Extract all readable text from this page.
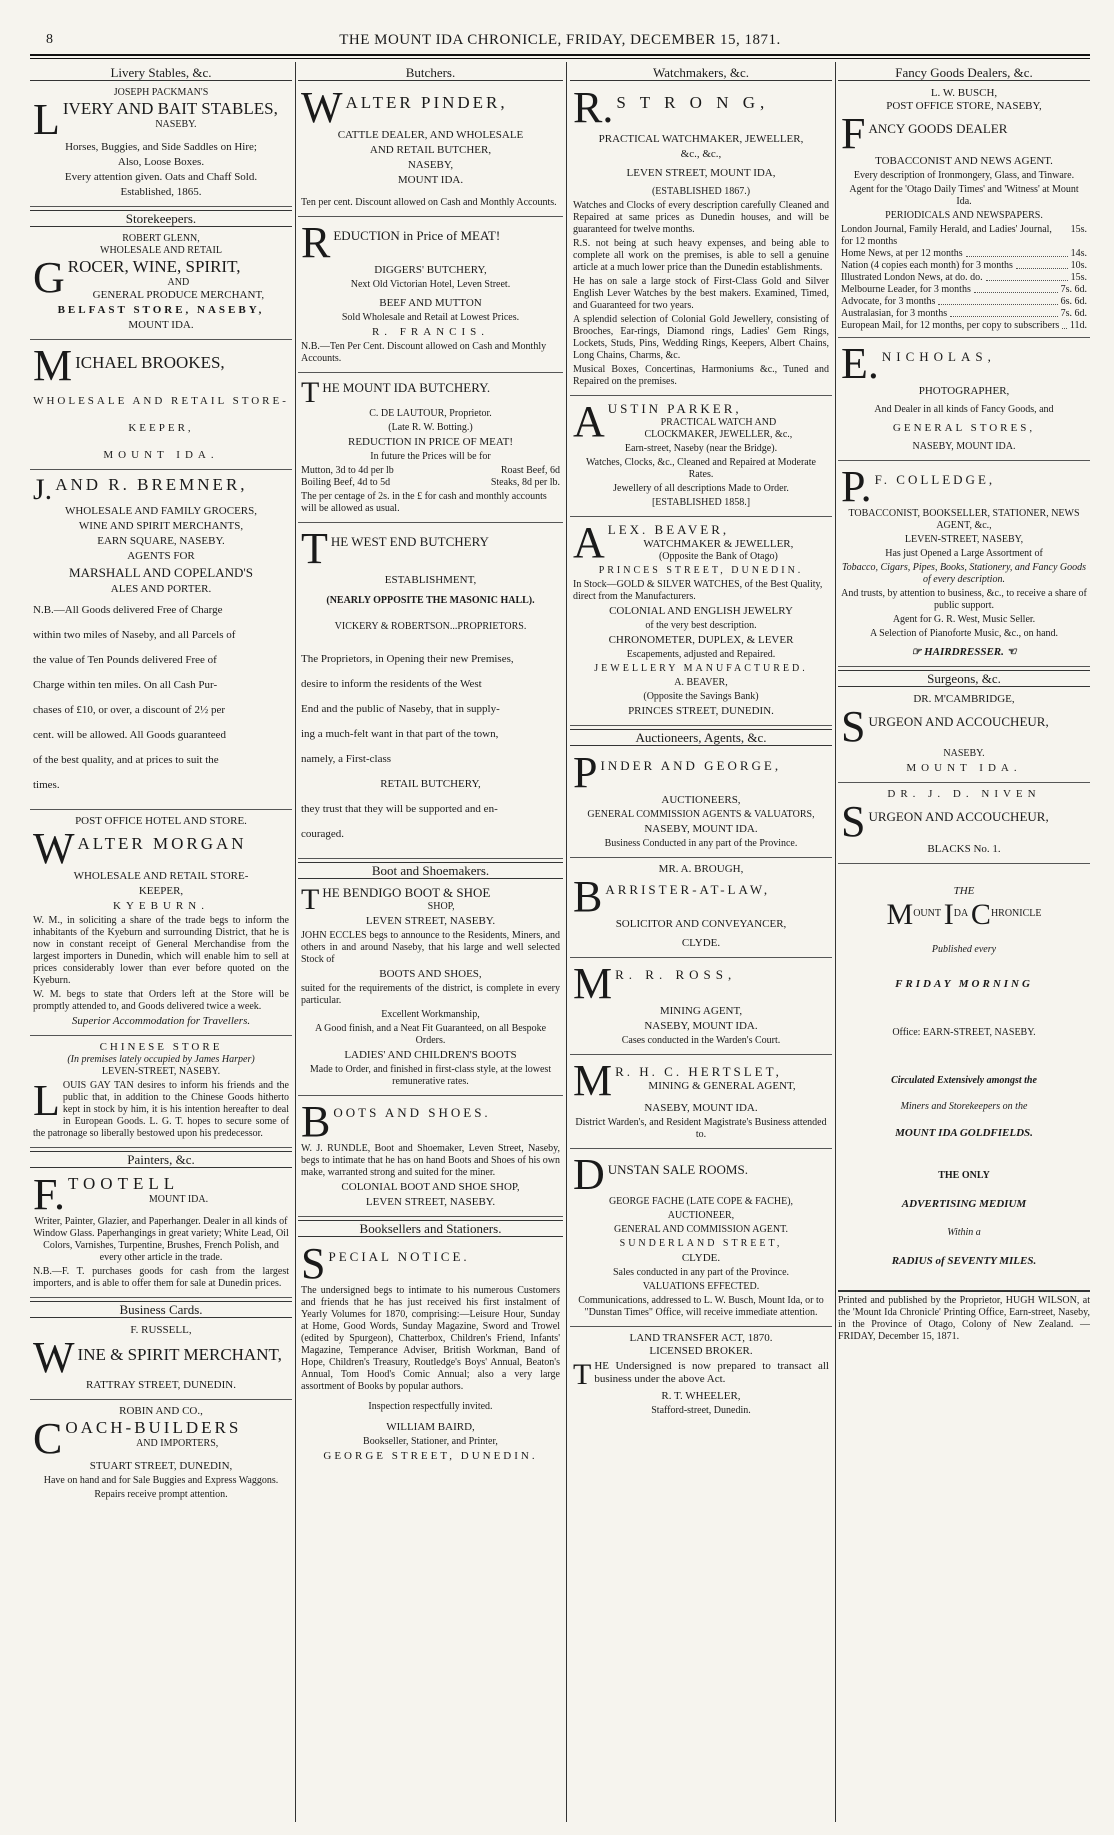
8	THE MOUNT IDA CHRONICLE, FRIDAY, DECEMBER 15, 1871.
Livery Stables, &c.
JOSEPH PACKMAN'S
L IVERY AND BAIT STABLES,
NASEBY.

Horses, Buggies, and Side Saddles on Hire;

Also, Loose Boxes.

Every attention given. Oats and Chaff Sold.

Established, 1865.

Storekeepers.
ROBERT GLENN,
WHOLESALE AND RETAIL
G ROCER, WINE, SPIRIT,
AND
GENERAL PRODUCE MERCHANT,

BELFAST STORE, NASEBY,

MOUNT IDA.

M ICHAEL BROOKES,

WHOLESALE AND RETAIL STORE-

KEEPER,

MOUNT IDA.

J. AND R. BREMNER,

WHOLESALE AND FAMILY GROCERS,

WINE AND SPIRIT MERCHANTS,

EARN SQUARE, NASEBY.

AGENTS FOR

MARSHALL AND COPELAND'S

ALES AND PORTER.

N.B.—All Goods delivered Free of Charge

within two miles of Naseby, and all Parcels of

the value of Ten Pounds delivered Free of

Charge within ten miles. On all Cash Pur-

chases of £10, or over, a discount of 2½ per

cent. will be allowed. All Goods guaranteed

of the best quality, and at prices to suit the

times.

POST OFFICE HOTEL AND STORE.
W ALTER MORGAN

WHOLESALE AND RETAIL STORE-

KEEPER,

KYEBURN.

W. M., in soliciting a share of the trade begs to inform the inhabitants of the Kyeburn and surrounding District, that he is now in constant receipt of General Merchandise from the largest importers in Dunedin, which will enable him to sell at prices considerably lower than ever before quoted on the Kyeburn.

W. M. begs to state that Orders left at the Store will be promptly attended to, and Goods delivered twice a week.

Superior Accommodation for Travellers.

CHINESE STORE
(In premises lately occupied by James Harper)
LEVEN-STREET, NASEBY.
L OUIS GAY TAN desires to inform his friends and the public that, in addition to the Chinese Goods hitherto kept in stock by him, it is his intention hereafter to deal in European Goods. L. G. T. hopes to secure some of the patronage so liberally bestowed upon his predecessor.

Painters, &c.
F. TOOTELL
MOUNT IDA.

Writer, Painter, Glazier, and Paperhanger. Dealer in all kinds of Window Glass. Paperhangings in great variety; White Lead, Oil Colors, Varnishes, Turpentine, Brushes, French Polish, and every other article in the trade.

N.B.—F. T. purchases goods for cash from the largest importers, and is able to offer them for sale at Dunedin prices.

Business Cards.
F. RUSSELL,
W INE & SPIRIT MERCHANT,

RATTRAY STREET, DUNEDIN.

ROBIN AND CO.,
C OACH-BUILDERS
AND IMPORTERS,

STUART STREET, DUNEDIN,

Have on hand and for Sale Buggies and Express Waggons.

Repairs receive prompt attention.

Butchers.
W ALTER PINDER,

CATTLE DEALER, AND WHOLESALE

AND RETAIL BUTCHER,

NASEBY,

MOUNT IDA.

Ten per cent. Discount allowed on Cash and Monthly Accounts.

R EDUCTION in Price of MEAT!

DIGGERS' BUTCHERY,

Next Old Victorian Hotel, Leven Street.

BEEF AND MUTTON

Sold Wholesale and Retail at Lowest Prices.

R. FRANCIS.

N.B.—Ten Per Cent. Discount allowed on Cash and Monthly Accounts.

T HE MOUNT IDA BUTCHERY.

C. DE LAUTOUR, Proprietor.

(Late R. W. Botting.)

REDUCTION IN PRICE OF MEAT!

In future the Prices will be for

Mutton, 3d to 4d per lb	Roast Beef, 6d
Boiling Beef, 4d to 5d	Steaks, 8d per lb.

The per centage of 2s. in the £ for cash and monthly accounts will be allowed as usual.

T HE WEST END BUTCHERY

ESTABLISHMENT,

(NEARLY OPPOSITE THE MASONIC HALL).

VICKERY & ROBERTSON...PROPRIETORS.

The Proprietors, in Opening their new Premises,

desire to inform the residents of the West

End and the public of Naseby, that in supply-

ing a much-felt want in that part of the town,

namely, a First-class

RETAIL BUTCHERY,

they trust that they will be supported and en-

couraged.

Boot and Shoemakers.
T HE BENDIGO BOOT & SHOE
SHOP,

LEVEN STREET, NASEBY.

JOHN ECCLES begs to announce to the Residents, Miners, and others in and around Naseby, that his large and well selected Stock of

BOOTS AND SHOES,

suited for the requirements of the district, is complete in every particular.

Excellent Workmanship,

A Good finish, and a Neat Fit Guaranteed, on all Bespoke Orders.

LADIES' AND CHILDREN'S BOOTS

Made to Order, and finished in first-class style, at the lowest remunerative rates.

B OOTS AND SHOES.

W. J. RUNDLE, Boot and Shoemaker, Leven Street, Naseby, begs to intimate that he has on hand Boots and Shoes of his own make, warranted strong and suited for the miner.

COLONIAL BOOT AND SHOE SHOP,

LEVEN STREET, NASEBY.

Booksellers and Stationers.
S PECIAL NOTICE.

The undersigned begs to intimate to his numerous Customers and friends that he has just received his first instalment of Yearly Volumes for 1870, comprising:—Leisure Hour, Sunday at Home, Good Words, Sunday Magazine, Sword and Trowel (edited by Spurgeon), Chatterbox, Children's Friend, Infants' Magazine, Temperance Adviser, British Workman, Band of Hope, Children's Treasury, Routledge's Boys' Annual, Beaton's Annual, Tom Hood's Comic Annual; also a very large assortment of Books by popular authors.

Inspection respectfully invited.

WILLIAM BAIRD,

Bookseller, Stationer, and Printer,

GEORGE STREET, DUNEDIN.

Watchmakers, &c.
R. S T R O N G,

PRACTICAL WATCHMAKER, JEWELLER,

&c., &c.,

LEVEN STREET, MOUNT IDA,

(ESTABLISHED 1867.)

Watches and Clocks of every description carefully Cleaned and Repaired at same prices as Dunedin houses, and will be guaranteed for twelve months.

R.S. not being at such heavy expenses, and being able to complete all work on the premises, is able to sell a genuine article at a much lower price than the Dunedin establishments.

He has on sale a large stock of First-Class Gold and Silver English Lever Watches by the best makers. Examined, Timed, and Guaranteed for two years.

A splendid selection of Colonial Gold Jewellery, consisting of Brooches, Ear-rings, Diamond rings, Ladies' Gem Rings, Lockets, Studs, Pins, Wedding Rings, Keepers, Albert Chains, Long Chains, Charms, &c.

Musical Boxes, Concertinas, Harmoniums &c., Tuned and Repaired on the premises.

A USTIN PARKER,
PRACTICAL WATCH AND
CLOCKMAKER, JEWELLER, &c.,

Earn-street, Naseby (near the Bridge).

Watches, Clocks, &c., Cleaned and Repaired at Moderate Rates.

Jewellery of all descriptions Made to Order.

[ESTABLISHED 1858.]

A LEX. BEAVER,
WATCHMAKER & JEWELLER,
(Opposite the Bank of Otago)

PRINCES STREET, DUNEDIN.

In Stock—GOLD & SILVER WATCHES, of the Best Quality, direct from the Manufacturers.

COLONIAL AND ENGLISH JEWELRY

of the very best description.

CHRONOMETER, DUPLEX, & LEVER

Escapements, adjusted and Repaired.

JEWELLERY MANUFACTURED.

A. BEAVER,

(Opposite the Savings Bank)

PRINCES STREET, DUNEDIN.

Auctioneers, Agents, &c.
P INDER AND GEORGE,

AUCTIONEERS,

GENERAL COMMISSION AGENTS & VALUATORS,

NASEBY, MOUNT IDA.

Business Conducted in any part of the Province.

MR. A. BROUGH,
B ARRISTER-AT-LAW,

SOLICITOR AND CONVEYANCER,

CLYDE.

M R. R. ROSS,

MINING AGENT,

NASEBY, MOUNT IDA.

Cases conducted in the Warden's Court.

M R. H. C. HERTSLET,
MINING & GENERAL AGENT,

NASEBY, MOUNT IDA.

District Warden's, and Resident Magistrate's Business attended to.

D UNSTAN SALE ROOMS.

GEORGE FACHE (LATE COPE & FACHE),

AUCTIONEER,

GENERAL AND COMMISSION AGENT.

SUNDERLAND STREET,

CLYDE.

Sales conducted in any part of the Province.

VALUATIONS EFFECTED.

Communications, addressed to L. W. Busch, Mount Ida, or to "Dunstan Times" Office, will receive immediate attention.

LAND TRANSFER ACT, 1870.
LICENSED BROKER.
T HE Undersigned is now prepared to transact all business under the above Act.

R. T. WHEELER,

Stafford-street, Dunedin.

Fancy Goods Dealers, &c.
L. W. BUSCH,
POST OFFICE STORE, NASEBY,
F ANCY GOODS DEALER

TOBACCONIST AND NEWS AGENT.

Every description of Ironmongery, Glass, and Tinware.

Agent for the 'Otago Daily Times' and 'Witness' at Mount Ida.

PERIODICALS AND NEWSPAPERS.

London Journal, Family Herald, and Ladies' Journal, for 12 months
15s.
Home News, at per 12 months	14s.
Nation (4 copies each month) for 3 months	10s.
Illustrated London News, at do. do.	15s.
Melbourne Leader, for 3 months	7s. 6d.
Advocate, for 3 months	6s. 6d.
Australasian, for 3 months	7s. 6d.
European Mail, for 12 months, per copy to subscribers 11d.
E. NICHOLAS,

PHOTOGRAPHER,

And Dealer in all kinds of Fancy Goods, and

GENERAL STORES,

NASEBY, MOUNT IDA.

P. F. COLLEDGE,

TOBACCONIST, BOOKSELLER, STATIONER, NEWS AGENT, &c.,

LEVEN-STREET, NASEBY,

Has just Opened a Large Assortment of

Tobacco, Cigars, Pipes, Books, Stationery, and Fancy Goods of every description.

And trusts, by attention to business, &c., to receive a share of public support.

Agent for G. R. West, Music Seller.

A Selection of Pianoforte Music, &c., on hand.

☞ HAIRDRESSER. ☜

Surgeons, &c.
DR. M'CAMBRIDGE,
S URGEON AND ACCOUCHEUR,

NASEBY.

MOUNT IDA.

DR. J. D. NIVEN
S URGEON AND ACCOUCHEUR,

BLACKS No. 1.

THE

MOUNT IDA CHRONICLE

Published every

FRIDAY MORNING

Office: EARN-STREET, NASEBY.

Circulated Extensively amongst the

Miners and Storekeepers on the

MOUNT IDA GOLDFIELDS.

THE ONLY

ADVERTISING MEDIUM

Within a

RADIUS of SEVENTY MILES.

Printed and published by the Proprietor, HUGH WILSON, at the 'Mount Ida Chronicle' Printing Office, Earn-street, Naseby, in the Province of Otago, Colony of New Zealand. —FRIDAY, December 15, 1871.
